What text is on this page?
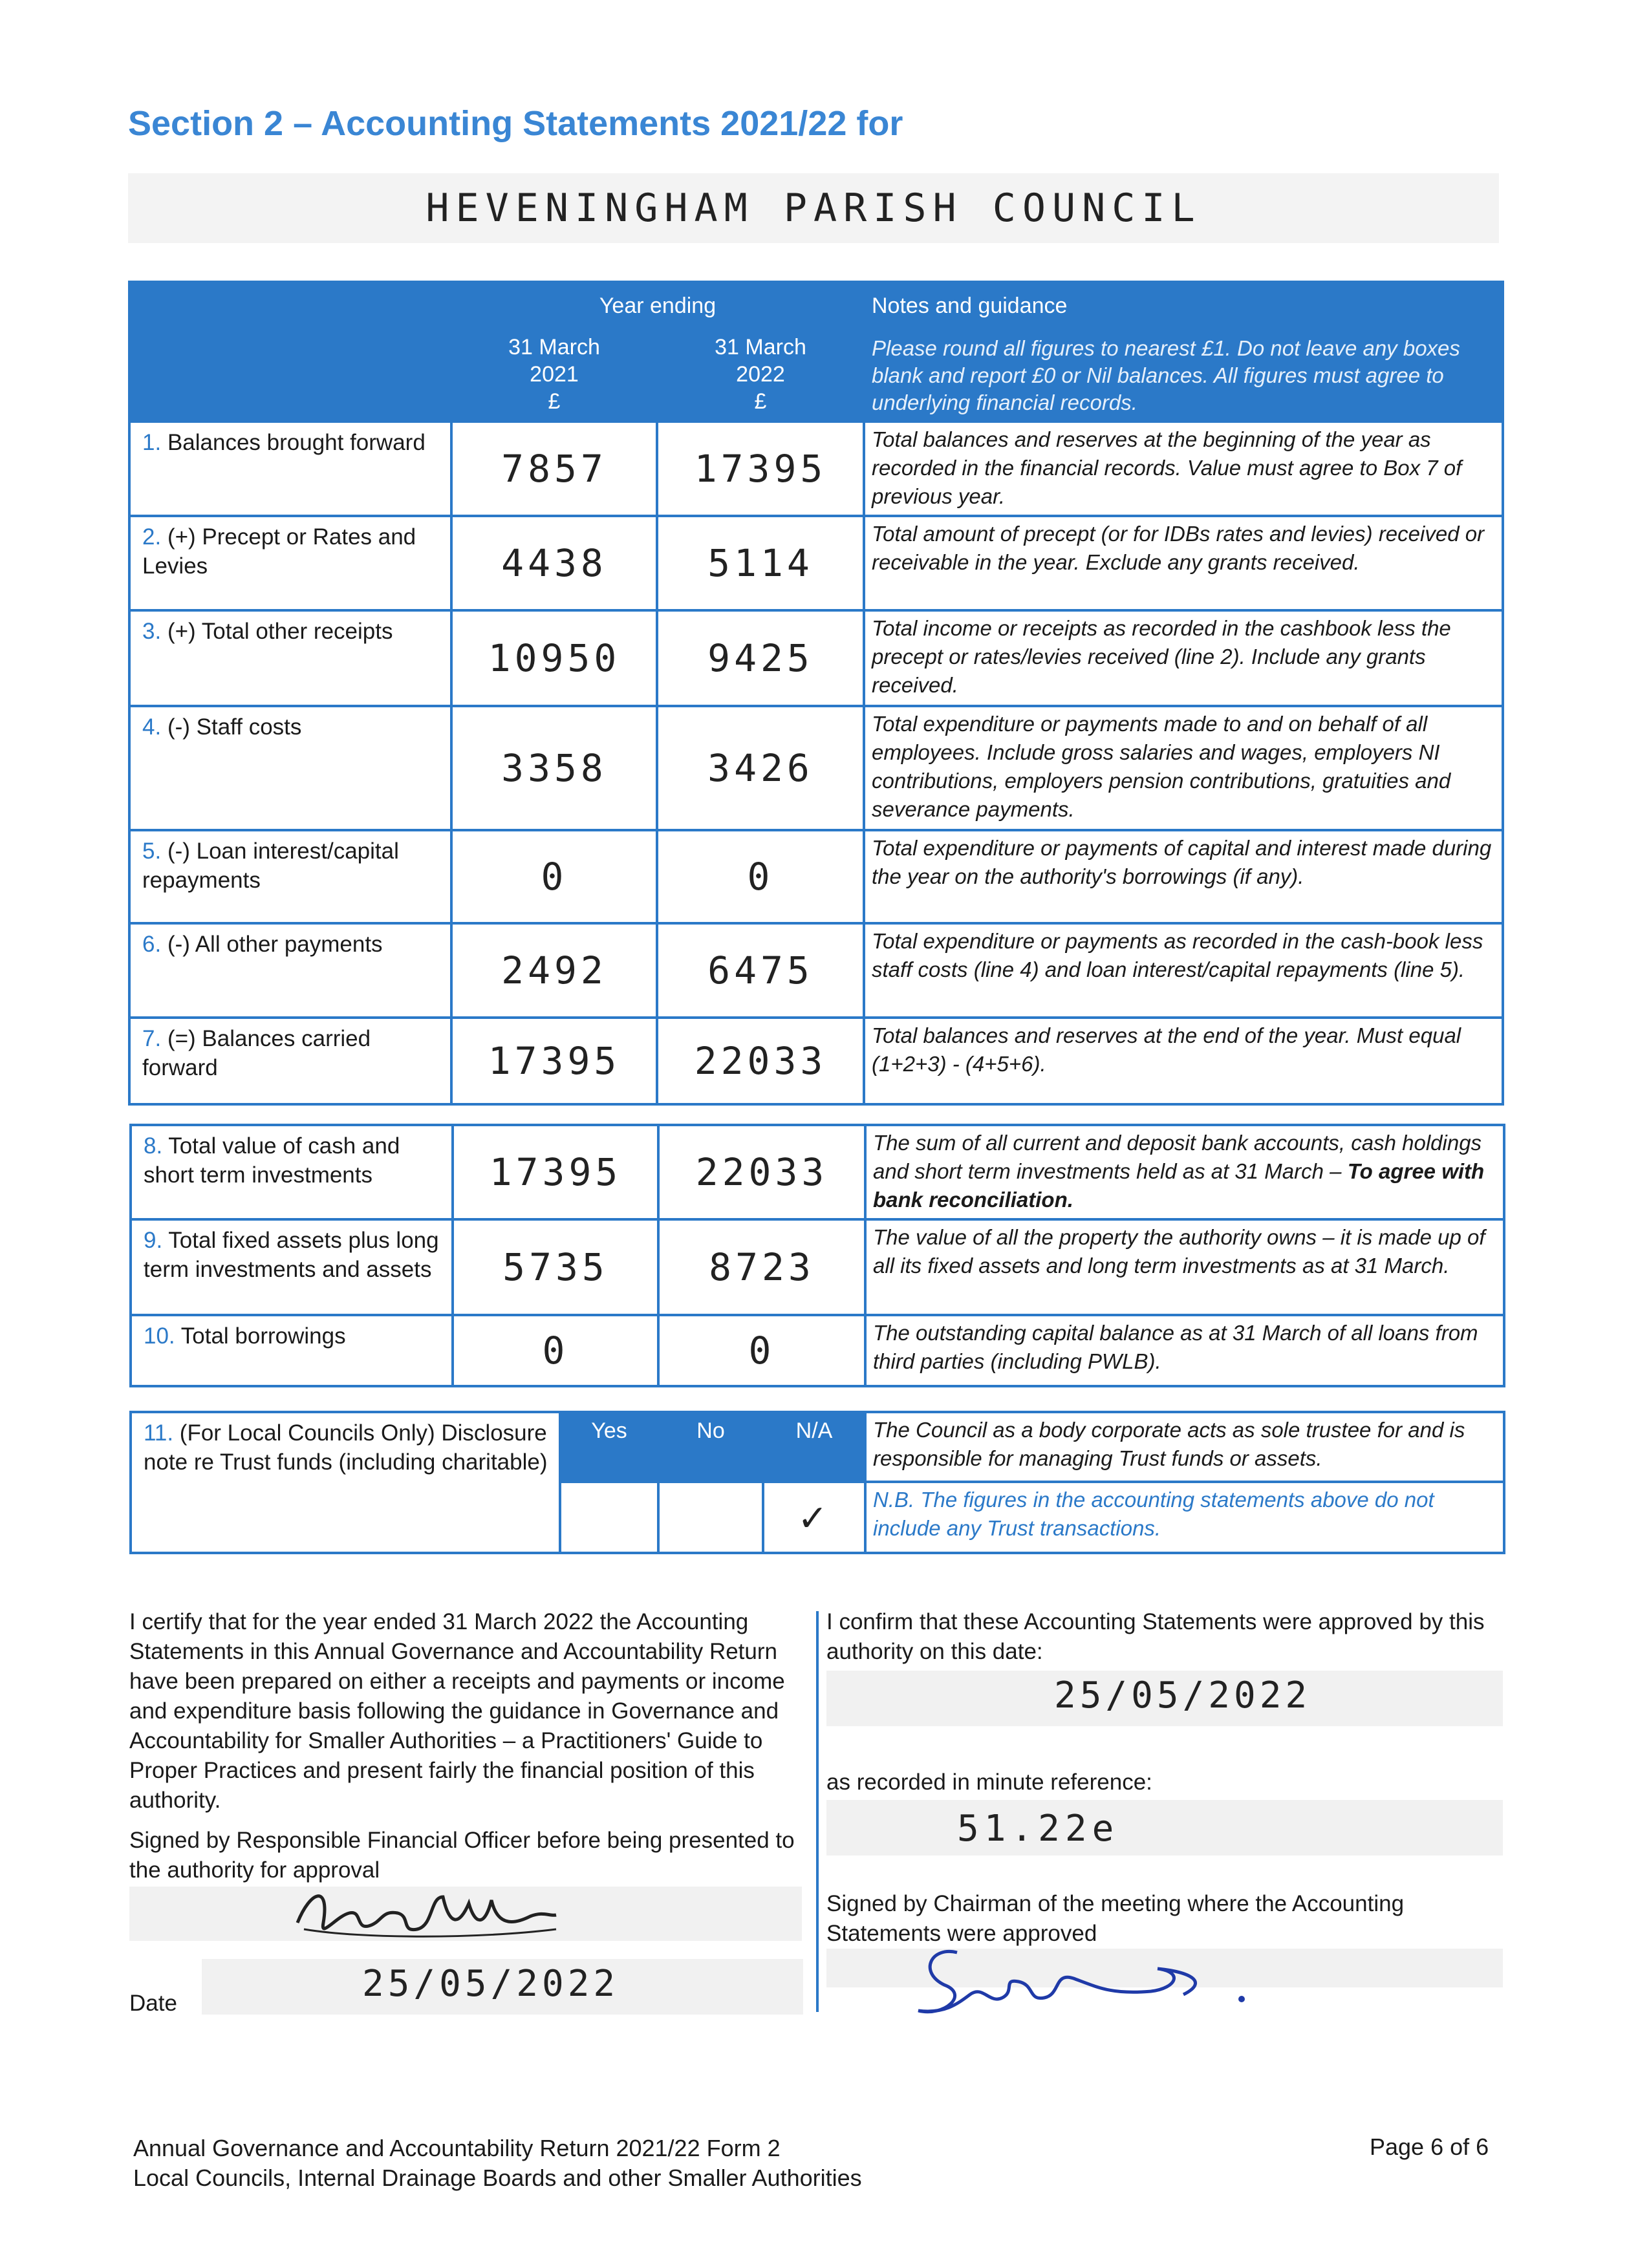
Section 2 – Accounting Statements 2021/22 for
HEVENINGHAM PARISH COUNCIL
	Year ending		Notes and guidance
	31 March
2021
£	31 March
2022
£	Please round all figures to nearest £1. Do not leave any boxes blank and report £0 or Nil balances. All figures must agree to underlying financial records.
1. Balances brought forward	7857	17395	Total balances and reserves at the beginning of the year as recorded in the financial records. Value must agree to Box 7 of previous year.
2. (+) Precept or Rates and Levies	4438	5114	Total amount of precept (or for IDBs rates and levies) received or receivable in the year. Exclude any grants received.
3. (+) Total other receipts	10950	9425	Total income or receipts as recorded in the cashbook less the precept or rates/levies received (line 2). Include any grants received.
4. (-) Staff costs	3358	3426	Total expenditure or payments made to and on behalf of all employees. Include gross salaries and wages, employers NI contributions, employers pension contributions, gratuities and severance payments.
5. (-) Loan interest/capital repayments	0	0	Total expenditure or payments of capital and interest made during the year on the authority's borrowings (if any).
6. (-) All other payments	2492	6475	Total expenditure or payments as recorded in the cash-book less staff costs (line 4) and loan interest/capital repayments (line 5).
7. (=) Balances carried forward	17395	22033	Total balances and reserves at the end of the year. Must equal (1+2+3) - (4+5+6).
8. Total value of cash and short term investments	17395	22033	The sum of all current and deposit bank accounts, cash holdings and short term investments held as at 31 March – To agree with bank reconciliation.
9. Total fixed assets plus long term investments and assets	5735	8723	The value of all the property the authority owns – it is made up of all its fixed assets and long term investments as at 31 March.
10. Total borrowings	0	0	The outstanding capital balance as at 31 March of all loans from third parties (including PWLB).
11. (For Local Councils Only) Disclosure note re Trust funds (including charitable)	Yes	No	N/A	The Council as a body corporate acts as sole trustee for and is responsible for managing Trust funds or assets.
			✓	N.B. The figures in the accounting statements above do not include any Trust transactions.
I certify that for the year ended 31 March 2022 the Accounting Statements in this Annual Governance and Accountability Return have been prepared on either a receipts and payments or income and expenditure basis following the guidance in Governance and Accountability for Smaller Authorities – a Practitioners' Guide to Proper Practices and present fairly the financial position of this authority.
Signed by Responsible Financial Officer before being presented to the authority for approval
Date	25/05/2022
I confirm that these Accounting Statements were approved by this authority on this date:
25/05/2022
as recorded in minute reference:
51.22e
Signed by Chairman of the meeting where the Accounting Statements were approved
Annual Governance and Accountability Return 2021/22 Form 2
Local Councils, Internal Drainage Boards and other Smaller Authorities
Page 6 of 6
